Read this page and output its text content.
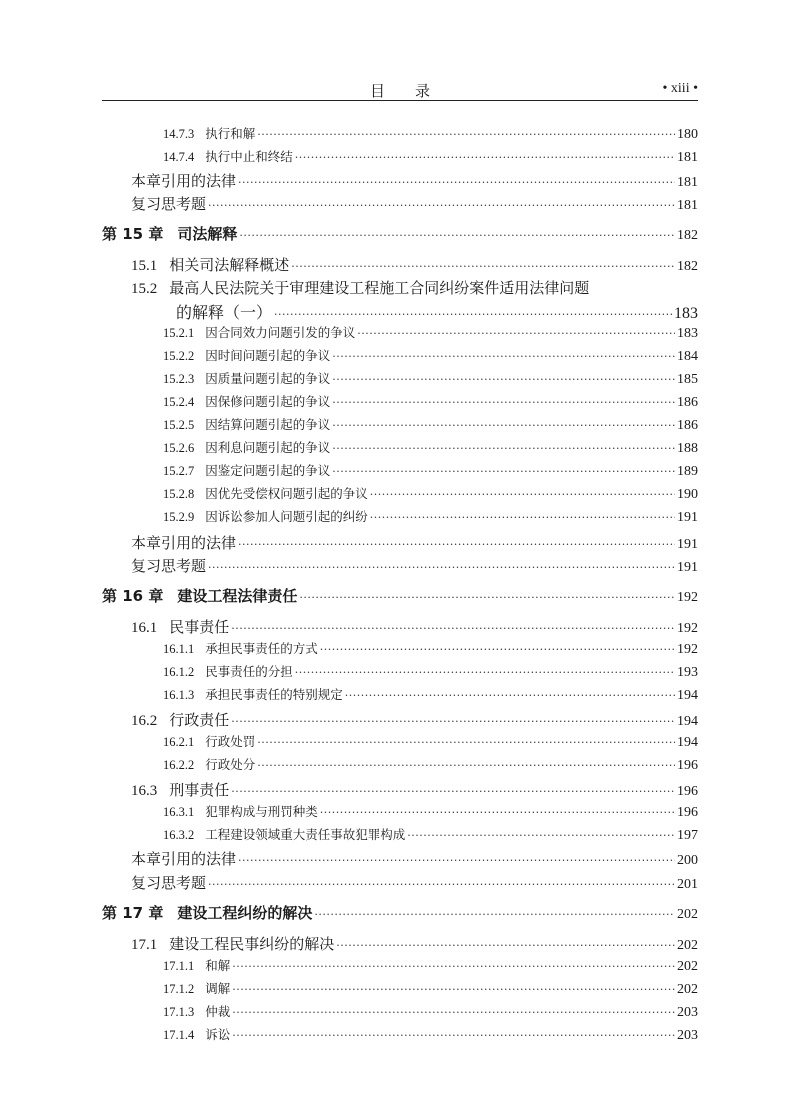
目　　录	• xiii •
14.7.3 执行和解 ·····	180
14.7.4 执行中止和终结 ·····	181
本章引用的法律 ·····	181
复习思考题 ·····	181
第 15 章 司法解释 ·····	182
15.1 相关司法解释概述 ·····	182
15.2 最高人民法院关于审理建设工程施工合同纠纷案件适用法律问题
的解释（一） ·····	183
15.2.1 因合同效力问题引发的争议 ·····	183
15.2.2 因时间问题引起的争议 ·····	184
15.2.3 因质量问题引起的争议 ·····	185
15.2.4 因保修问题引起的争议 ·····	186
15.2.5 因结算问题引起的争议 ·····	186
15.2.6 因利息问题引起的争议 ·····	188
15.2.7 因鉴定问题引起的争议 ·····	189
15.2.8 因优先受偿权问题引起的争议 ·····	190
15.2.9 因诉讼参加人问题引起的纠纷 ·····	191
本章引用的法律 ·····	191
复习思考题 ·····	191
第 16 章 建设工程法律责任 ·····	192
16.1 民事责任 ·····	192
16.1.1 承担民事责任的方式 ·····	192
16.1.2 民事责任的分担 ·····	193
16.1.3 承担民事责任的特别规定 ·····	194
16.2 行政责任 ·····	194
16.2.1 行政处罚 ·····	194
16.2.2 行政处分 ·····	196
16.3 刑事责任 ·····	196
16.3.1 犯罪构成与刑罚种类 ·····	196
16.3.2 工程建设领域重大责任事故犯罪构成 ·····	197
本章引用的法律 ·····	200
复习思考题 ·····	201
第 17 章 建设工程纠纷的解决 ·····	202
17.1 建设工程民事纠纷的解决 ·····	202
17.1.1 和解 ·····	202
17.1.2 调解 ·····	202
17.1.3 仲裁 ·····	203
17.1.4 诉讼 ·····	203
